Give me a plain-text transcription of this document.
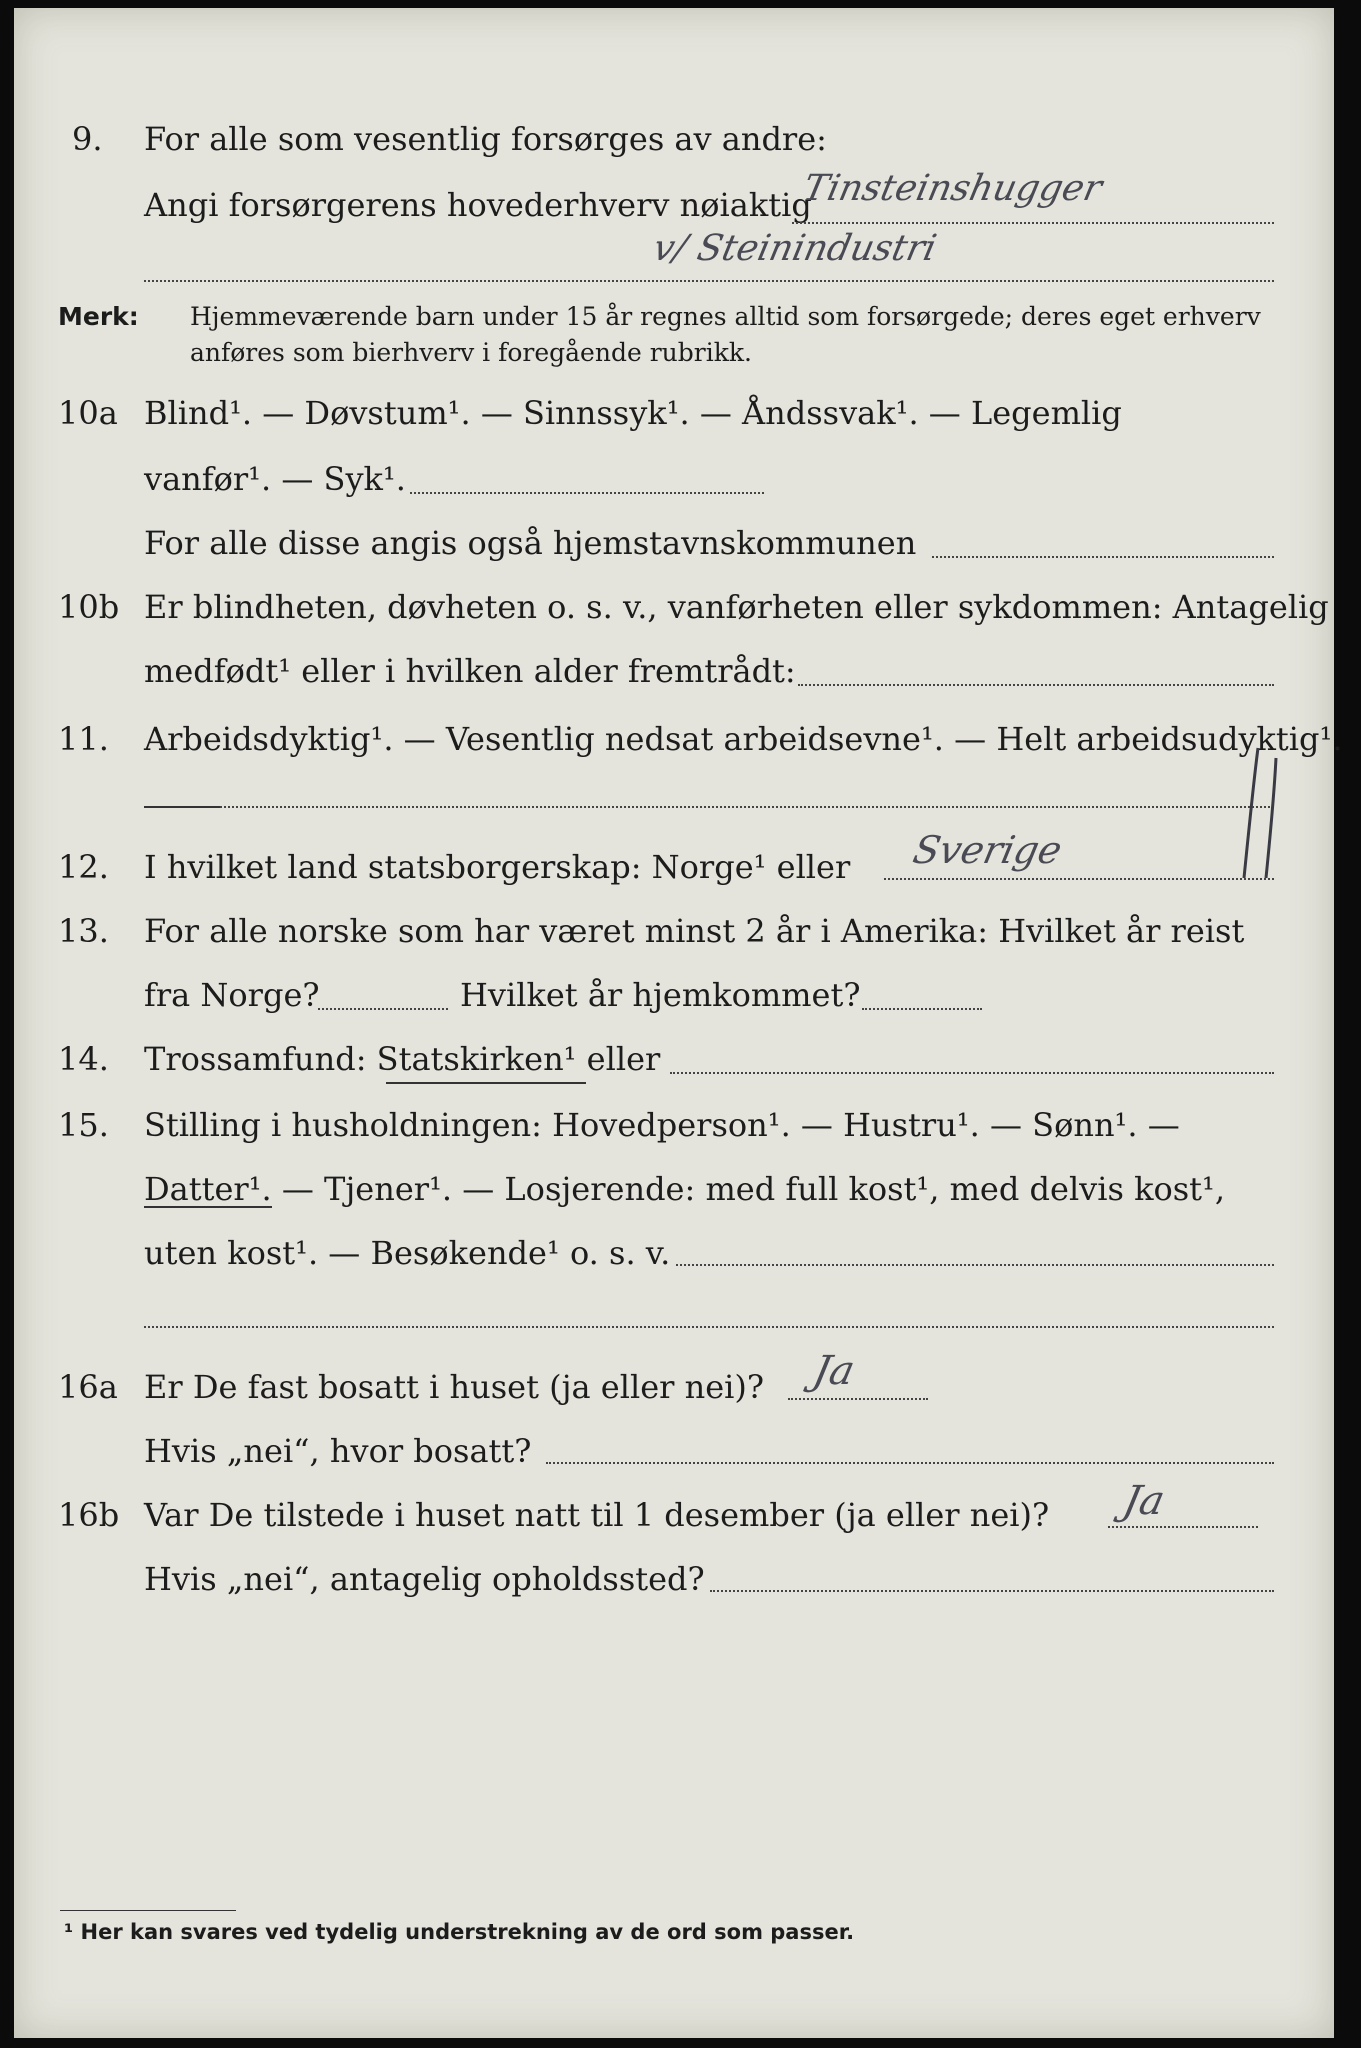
9. For alle som vesentlig forsørges av andre:
Angi forsørgerens hovederhverv nøiaktig
Tinsteinshugger
v/ Steinindustri
Merk: Hjemmeværende barn under 15 år regnes alltid som forsørgede; deres eget erhverv
anføres som bierhverv i foregående rubrikk.
10a Blind¹. — Døvstum¹. — Sinnssyk¹. — Åndssvak¹. — Legemlig
vanfør¹. — Syk¹.
For alle disse angis også hjemstavnskommunen
10b Er blindheten, døvheten o. s. v., vanførheten eller sykdommen: Antagelig
medfødt¹ eller i hvilken alder fremtrådt:
11. Arbeidsdyktig¹. — Vesentlig nedsat arbeidsevne¹. — Helt arbeidsudyktig¹.
12. I hvilket land statsborgerskap: Norge¹ eller Sverige
13. For alle norske som har været minst 2 år i Amerika: Hvilket år reist
fra Norge?	Hvilket år hjemkommet?
14. Trossamfund: Statskirken¹ eller
15. Stilling i husholdningen: Hovedperson¹. — Hustru¹. — Sønn¹. —
Datter¹. — Tjener¹. — Losjerende: med full kost¹, med delvis kost¹,
uten kost¹. — Besøkende¹ o. s. v.
16a Er De fast bosatt i huset (ja eller nei)? Ja
Hvis „nei“, hvor bosatt?
16b Var De tilstede i huset natt til 1 desember (ja eller nei)? Ja
Hvis „nei“, antagelig opholdssted?
¹ Her kan svares ved tydelig understrekning av de ord som passer.
